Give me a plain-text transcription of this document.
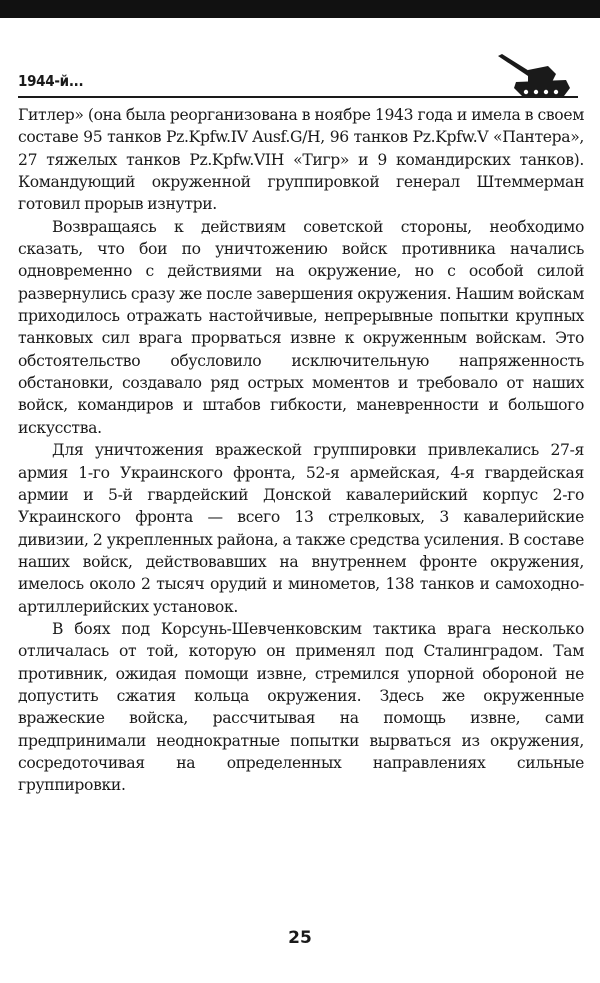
1944-й...

Гитлер» (она была реорганизована в ноябре 1943 года и имела в своем составе 95 танков Pz.Kpfw.IV Ausf.G/H, 96 танков Pz.Kpfw.V «Пантера», 27 тяжелых танков Pz.Kpfw.VIH «Тигр» и 9 командирских танков). Командующий окруженной группировкой генерал Штеммерман готовил прорыв изнутри.

Возвращаясь к действиям советской стороны, необходимо сказать, что бои по уничтожению войск противника начались одновременно с действиями на окружение, но с особой силой развернулись сразу же после завершения окружения. Нашим войскам приходилось отражать настойчивые, непрерывные попытки крупных танковых сил врага прорваться извне к окруженным войскам. Это обстоятельство обусловило исключительную напряженность обстановки, создавало ряд острых моментов и требовало от наших войск, командиров и штабов гибкости, маневренности и большого искусства.

Для уничтожения вражеской группировки привлекались 27-я армия 1-го Украинского фронта, 52-я армейская, 4-я гвардейская армии и 5-й гвардейский Донской кавалерийский корпус 2-го Украинского фронта — всего 13 стрелковых, 3 кавалерийские дивизии, 2 укрепленных района, а также средства усиления. В составе наших войск, действовавших на внутреннем фронте окружения, имелось около 2 тысяч орудий и минометов, 138 танков и самоходно-артиллерийских установок.

В боях под Корсунь-Шевченковским тактика врага несколько отличалась от той, которую он применял под Сталинградом. Там противник, ожидая помощи извне, стремился упорной обороной не допустить сжатия кольца окружения. Здесь же окруженные вражеские войска, рассчитывая на помощь извне, сами предпринимали неоднократные попытки вырваться из окружения, сосредоточивая на определенных направлениях сильные группировки.

25
